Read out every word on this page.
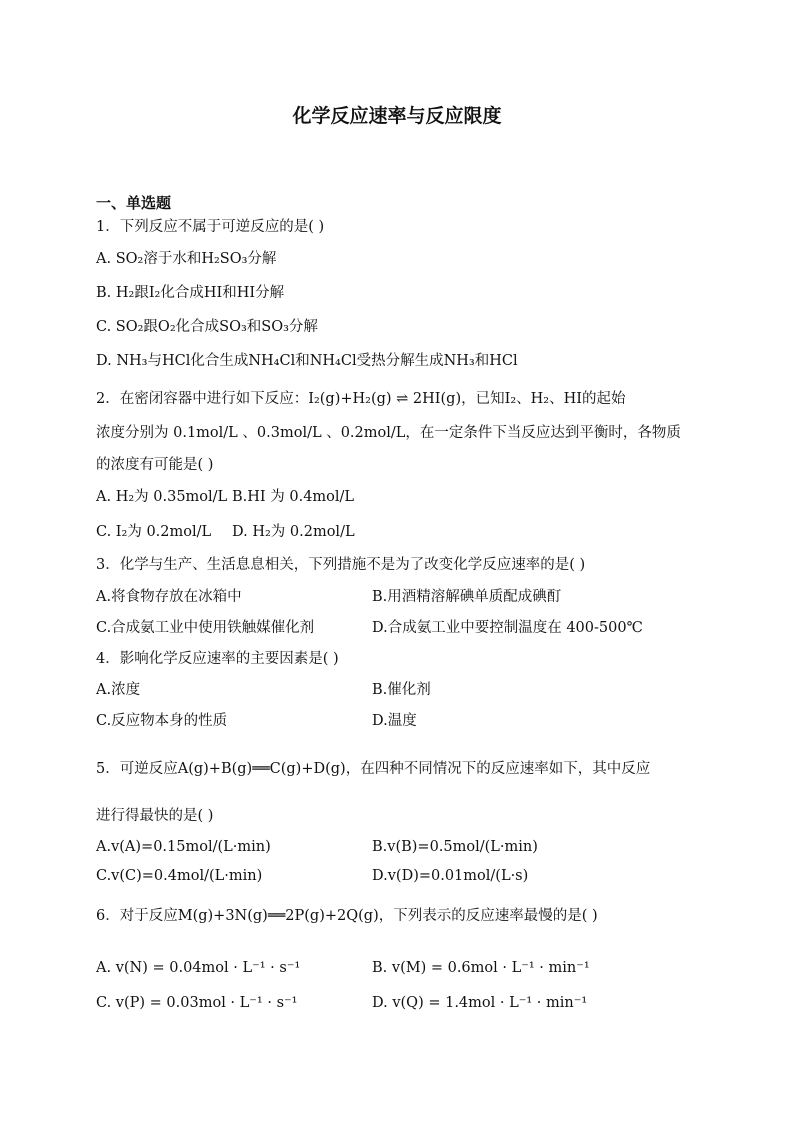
化学反应速率与反应限度
一、单选题
1．下列反应不属于可逆反应的是( )
A. SO₂溶于水和H₂SO₃分解
B. H₂跟I₂化合成HI和HI分解
C. SO₂跟O₂化合成SO₃和SO₃分解
D. NH₃与HCl化合生成NH₄Cl和NH₄Cl受热分解生成NH₃和HCl
2．在密闭容器中进行如下反应：I₂(g)+H₂(g) ⇌ 2HI(g)，已知I₂、H₂、HI的起始
浓度分别为 0.1mol/L 、0.3mol/L 、0.2mol/L，在一定条件下当反应达到平衡时，各物质
的浓度有可能是( )
A. H₂为 0.35mol/L B.HI 为 0.4mol/L
C. I₂为 0.2mol/L D. H₂为 0.2mol/L
3．化学与生产、生活息息相关，下列措施不是为了改变化学反应速率的是( )
A.将食物存放在冰箱中	B.用酒精溶解碘单质配成碘酊
C.合成氨工业中使用铁触媒催化剂	D.合成氨工业中要控制温度在 400-500℃
4．影响化学反应速率的主要因素是( )
A.浓度	B.催化剂
C.反应物本身的性质	D.温度
5．可逆反应A(g)+B(g)══C(g)+D(g)，在四种不同情况下的反应速率如下，其中反应
进行得最快的是( )
A.v(A)=0.15mol/(L·min)	B.v(B)=0.5mol/(L·min)
C.v(C)=0.4mol/(L·min)	D.v(D)=0.01mol/(L·s)
6．对于反应M(g)+3N(g)══2P(g)+2Q(g)，下列表示的反应速率最慢的是( )
A. v(N) = 0.04mol · L⁻¹ · s⁻¹	B. v(M) = 0.6mol · L⁻¹ · min⁻¹
C. v(P) = 0.03mol · L⁻¹ · s⁻¹	D. v(Q) = 1.4mol · L⁻¹ · min⁻¹
